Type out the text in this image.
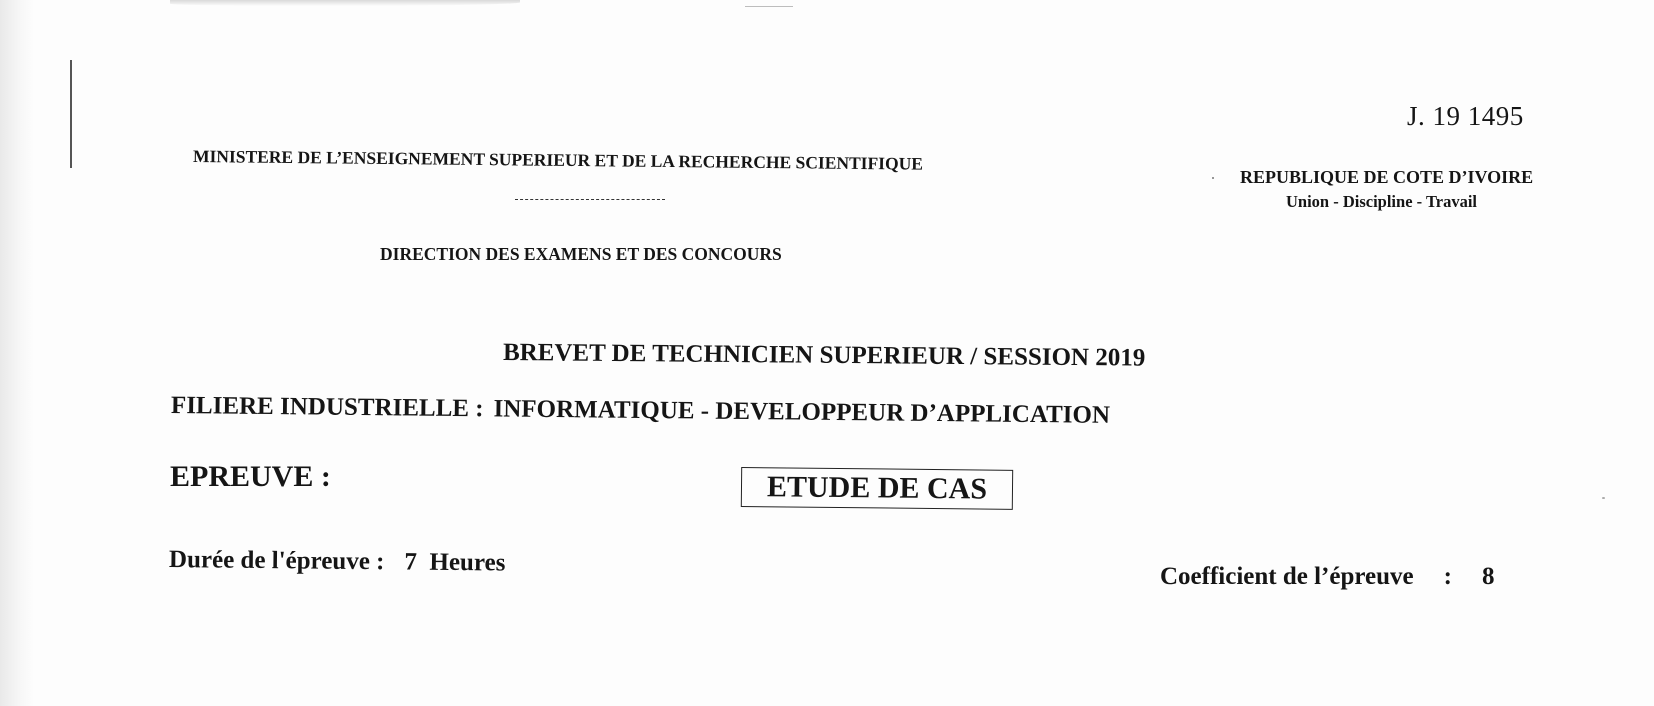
J. 19 1495
MINISTERE DE L’ENSEIGNEMENT SUPERIEUR ET DE LA RECHERCHE SCIENTIFIQUE
DIRECTION DES EXAMENS ET DES CONCOURS
REPUBLIQUE DE COTE D’IVOIRE
Union - Discipline - Travail
BREVET DE TECHNICIEN SUPERIEUR / SESSION 2019
FILIERE INDUSTRIELLE : INFORMATIQUE - DEVELOPPEUR D’APPLICATION
EPREUVE :	ETUDE DE CAS
Durée de l'épreuve : 7  Heures	Coefficient de l’épreuve : 8
